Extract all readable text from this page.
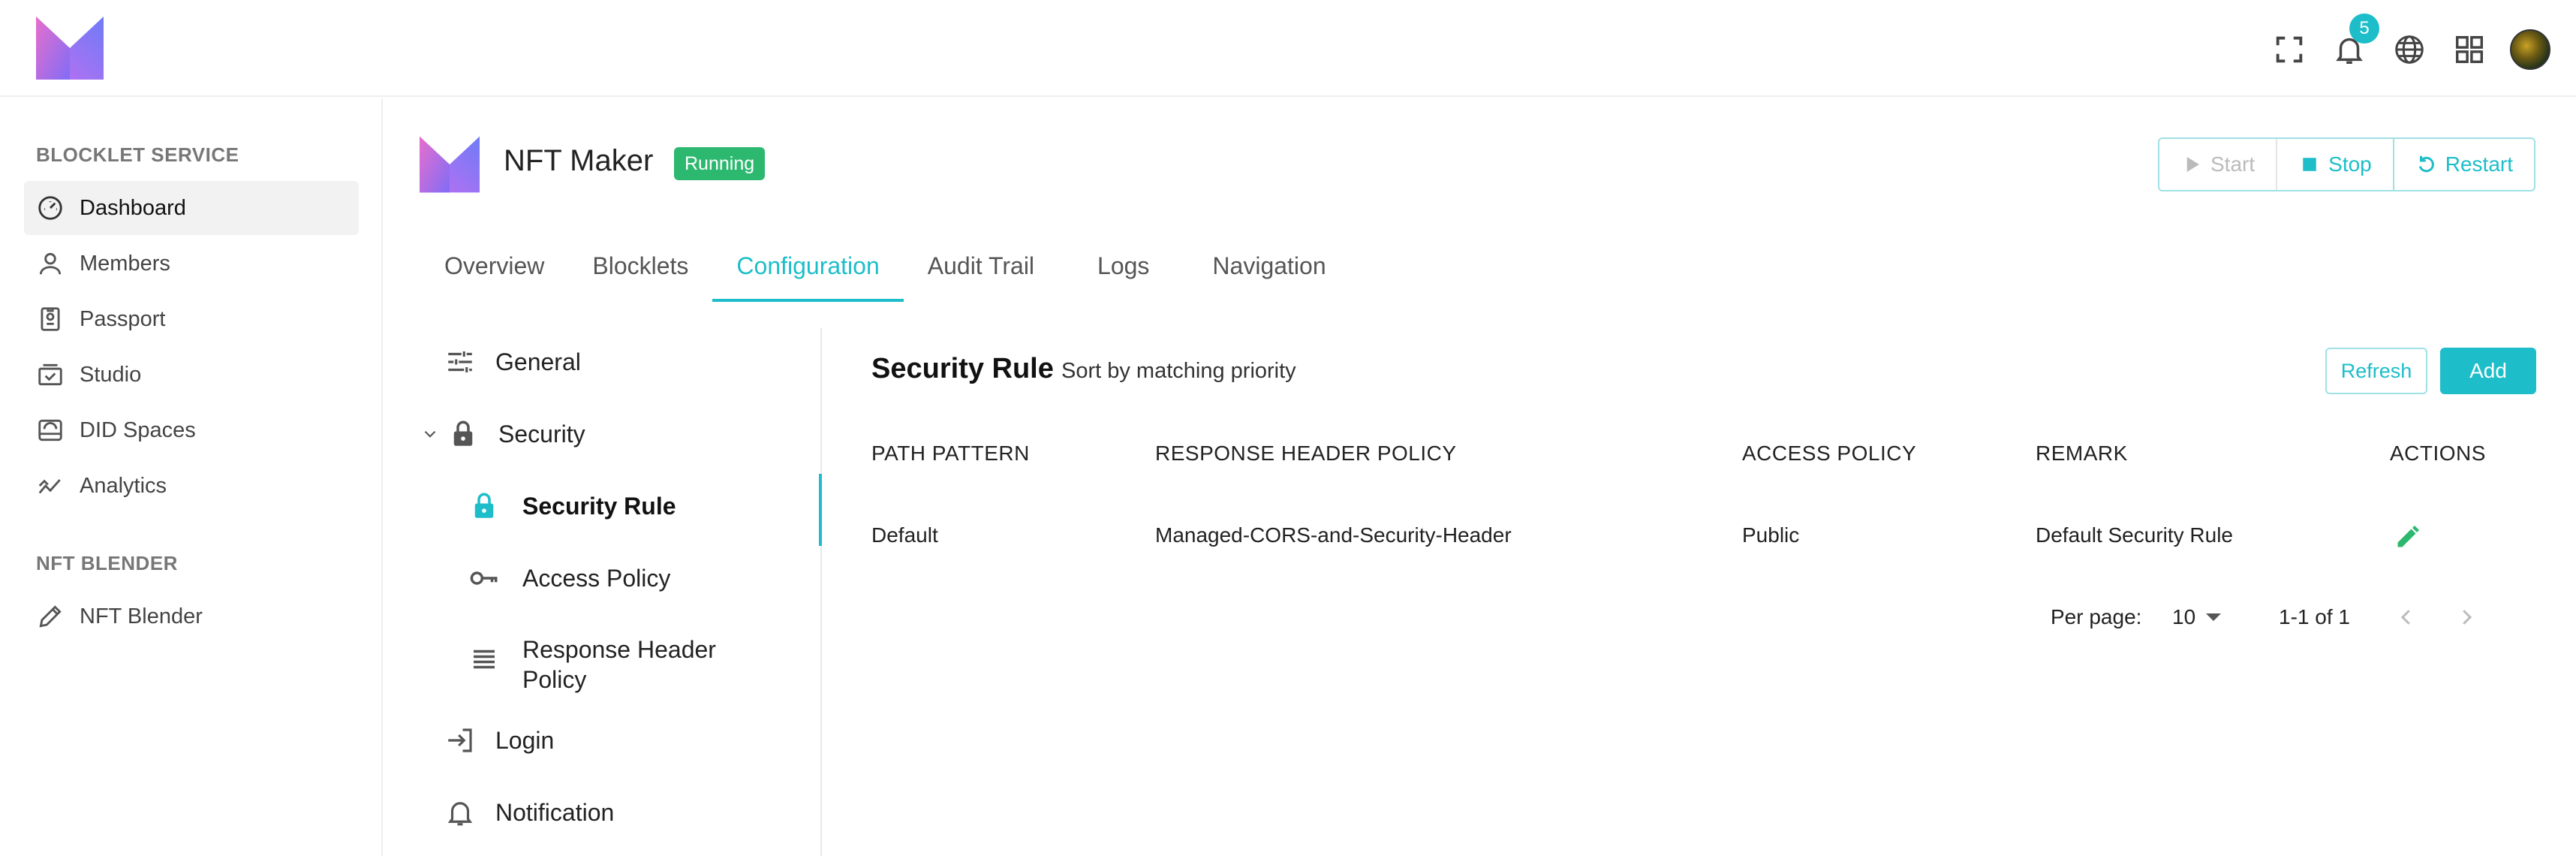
5
BLOCKLET SERVICE
Dashboard
Members
Passport
Studio
DID Spaces
Analytics
NFT BLENDER
NFT Blender
NFT Maker	Running	Start	Stop	Restart
Overview	Blocklets	Configuration	Audit Trail	Logs	Navigation
General
Security
Security Rule
Access Policy
Response Header Policy
Login
Notification
Security Rule Sort by matching priority	Refresh	Add
PATH PATTERN	RESPONSE HEADER POLICY	ACCESS POLICY	REMARK	ACTIONS
Default	Managed-CORS-and-Security-Header	Public	Default Security Rule
Per page: 10	1-1 of 1
